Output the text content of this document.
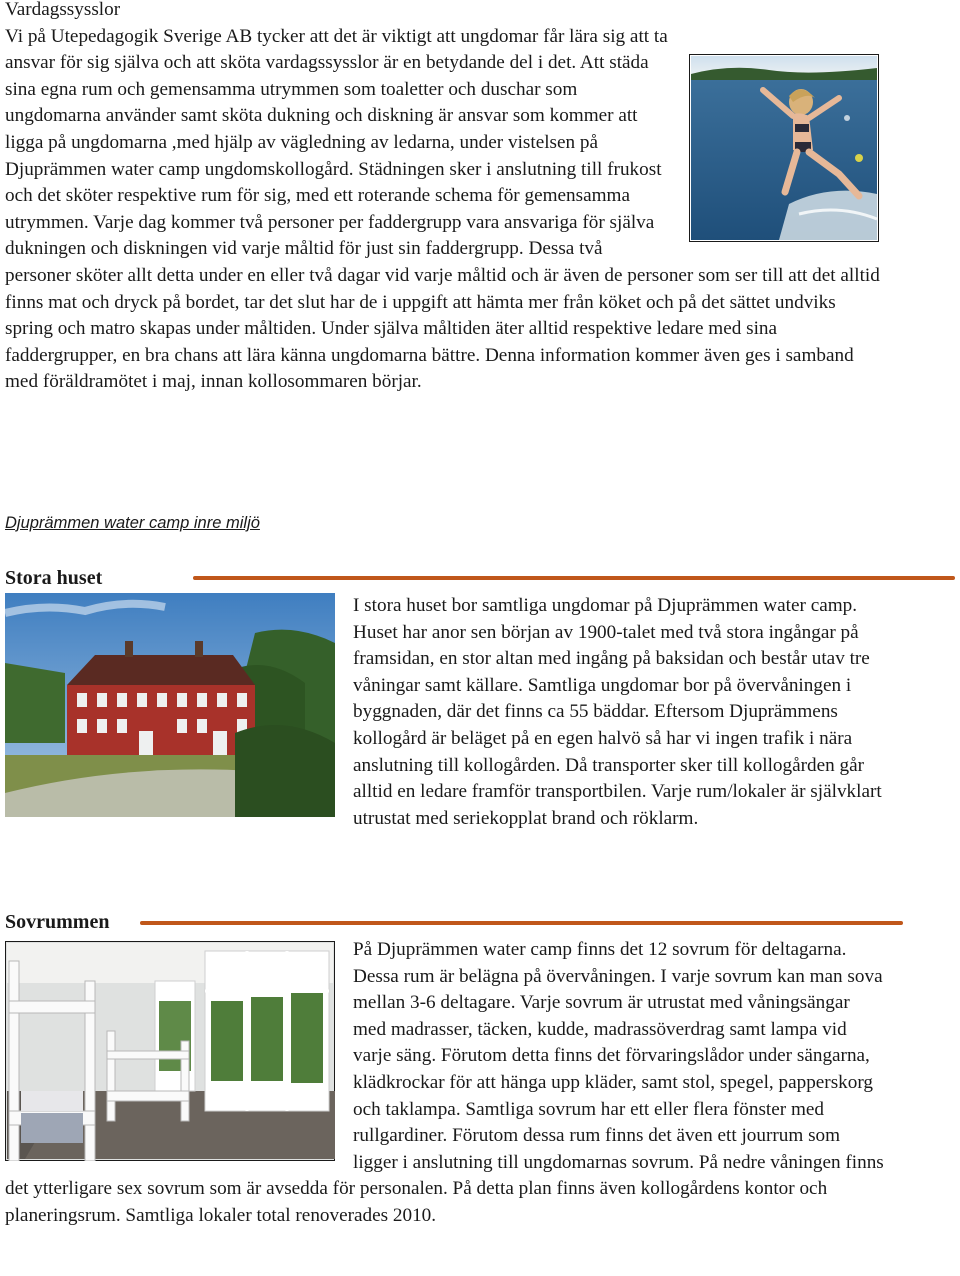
Vardagssysslor

Vi på Utepedagogik Sverige AB tycker att det är viktigt att ungdomar får lära sig att ta ansvar för sig själva och att sköta vardagssysslor är en betydande del i det. Att städa sina egna rum och gemensamma utrymmen som toaletter och duschar som ungdomarna använder samt sköta dukning och diskning är ansvar som kommer att ligga på ungdomarna ,med hjälp av vägledning av ledarna, under vistelsen på Djuprämmen water camp ungdomskollogård. Städningen sker i anslutning till frukost och det sköter respektive rum för sig, med ett roterande schema för gemensamma utrymmen. Varje dag kommer två personer per faddergrupp vara ansvariga för själva dukningen och diskningen vid varje måltid för just sin faddergrupp. Dessa två personer sköter allt detta under en eller två dagar vid varje måltid och är även de personer som ser till att det alltid finns mat och dryck på bordet, tar det slut har de i uppgift att hämta mer från köket och på det sättet undviks spring och matro skapas under måltiden. Under själva måltiden äter alltid respektive ledare med sina faddergrupper, en bra chans att lära känna ungdomarna bättre. Denna information kommer även ges i samband med föräldramötet i maj, innan kollosommaren börjar.

Djuprämmen water camp inre miljö
Stora huset

I stora huset bor samtliga ungdomar på Djuprämmen water camp. Huset har anor sen början av 1900-talet med två stora ingångar på framsidan, en stor altan med ingång på baksidan och består utav tre våningar samt källare. Samtliga ungdomar bor på övervåningen i byggnaden, där det finns ca 55 bäddar. Eftersom Djuprämmens kollogård är beläget på en egen halvö så har vi ingen trafik i nära anslutning till kollogården. Då transporter sker till kollogården går alltid en ledare framför transportbilen. Varje rum/lokaler är självklart utrustat med seriekopplat brand och röklarm.

Sovrummen

På Djuprämmen water camp finns det 12 sovrum för deltagarna. Dessa rum är belägna på övervåningen. I varje sovrum kan man sova mellan 3-6 deltagare. Varje sovrum är utrustat med våningsängar med madrasser, täcken, kudde, madrassöverdrag samt lampa vid varje säng. Förutom detta finns det förvaringslådor under sängarna, klädkrockar för att hänga upp kläder, samt stol, spegel, papperskorg och taklampa. Samtliga sovrum har ett eller flera fönster med rullgardiner. Förutom dessa rum finns det även ett jourrum som ligger i anslutning till ungdomarnas sovrum. På nedre våningen finns det ytterligare sex sovrum som är avsedda för personalen. På detta plan finns även kollogårdens kontor och planeringsrum. Samtliga lokaler total renoverades 2010.
